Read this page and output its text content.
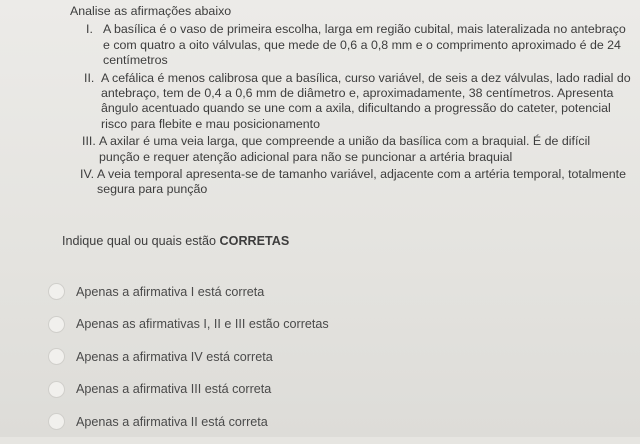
Analise as afirmações abaixo

I. A basílica é o vaso de primeira escolha, larga em região cubital, mais lateralizada no antebraço e com quatro a oito válvulas, que mede de 0,6 a 0,8 mm e o comprimento aproximado é de 24 centímetros
II. A cefálica é menos calibrosa que a basílica, curso variável, de seis a dez válvulas, lado radial do antebraço, tem de 0,4 a 0,6 mm de diâmetro e, aproximadamente, 38 centímetros. Apresenta ângulo acentuado quando se une com a axila, dificultando a progressão do cateter, potencial risco para flebite e mau posicionamento
III. A axilar é uma veia larga, que compreende a união da basílica com a braquial. É de difícil punção e requer atenção adicional para não se puncionar a artéria braquial
IV. A veia temporal apresenta-se de tamanho variável, adjacente com a artéria temporal, totalmente segura para punção
Indique qual ou quais estão CORRETAS
Apenas a afirmativa I está correta
Apenas as afirmativas I, II e III estão corretas
Apenas a afirmativa IV está correta
Apenas a afirmativa III está correta
Apenas a afirmativa II está correta
